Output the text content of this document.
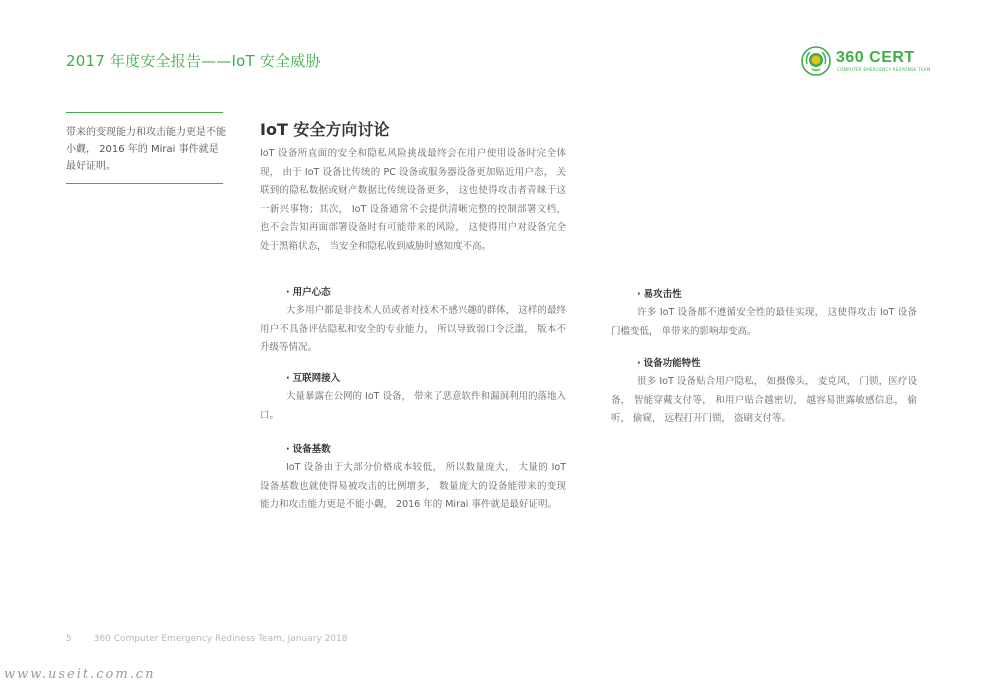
2017 年度安全报告——IoT 安全威胁	360 CERT
COMPUTER EMERGENCY RESPONSE TEAM
带来的变现能力和攻击能力更是不能小觑， 2016 年的 Mirai 事件就是最好证明。
IoT 安全方向讨论

IoT 设备所直面的安全和隐私风险挑战最终会在用户使用设备时完全体现， 由于 IoT 设备比传统的 PC 设备或服务器设备更加贴近用户态， 关联到的隐私数据或财产数据比传统设备更多， 这也使得攻击者青睐于这一新兴事物；其次， IoT 设备通常不会提供清晰完整的控制部署文档， 也不会告知再面部署设备时有可能带来的风险， 这使得用户对设备完全处于黑箱状态， 当安全和隐私收到威胁时感知度不高。

· 用户心态

大多用户都是非技术人员或者对技术不感兴趣的群体， 这样的最终用户不具备评估隐私和安全的专业能力， 所以导致弱口令泛滥， 版本不升级等情况。

· 互联网接入

大量暴露在公网的 IoT 设备， 带来了恶意软件和漏洞利用的落地入口。

· 设备基数

IoT 设备由于大部分价格成本较低， 所以数量庞大， 大量的 IoT 设备基数也就使得易被攻击的比例增多， 数量庞大的设备能带来的变现能力和攻击能力更是不能小觑， 2016 年的 Mirai 事件就是最好证明。

· 易攻击性

许多 IoT 设备都不遵循安全性的最佳实现， 这使得攻击 IoT 设备门槛变低， 单带来的影响却变高。

· 设备功能特性

很多 IoT 设备贴合用户隐私， 如摄像头， 麦克风， 门锁，医疗设备， 智能穿戴支付等， 和用户贴合越密切， 越容易泄露敏感信息， 偷听， 偷窥， 远程打开门锁， 盗刷支付等。

5 360 Computer Emergency Rediness Team, January 2018
www.useit.com.cn
